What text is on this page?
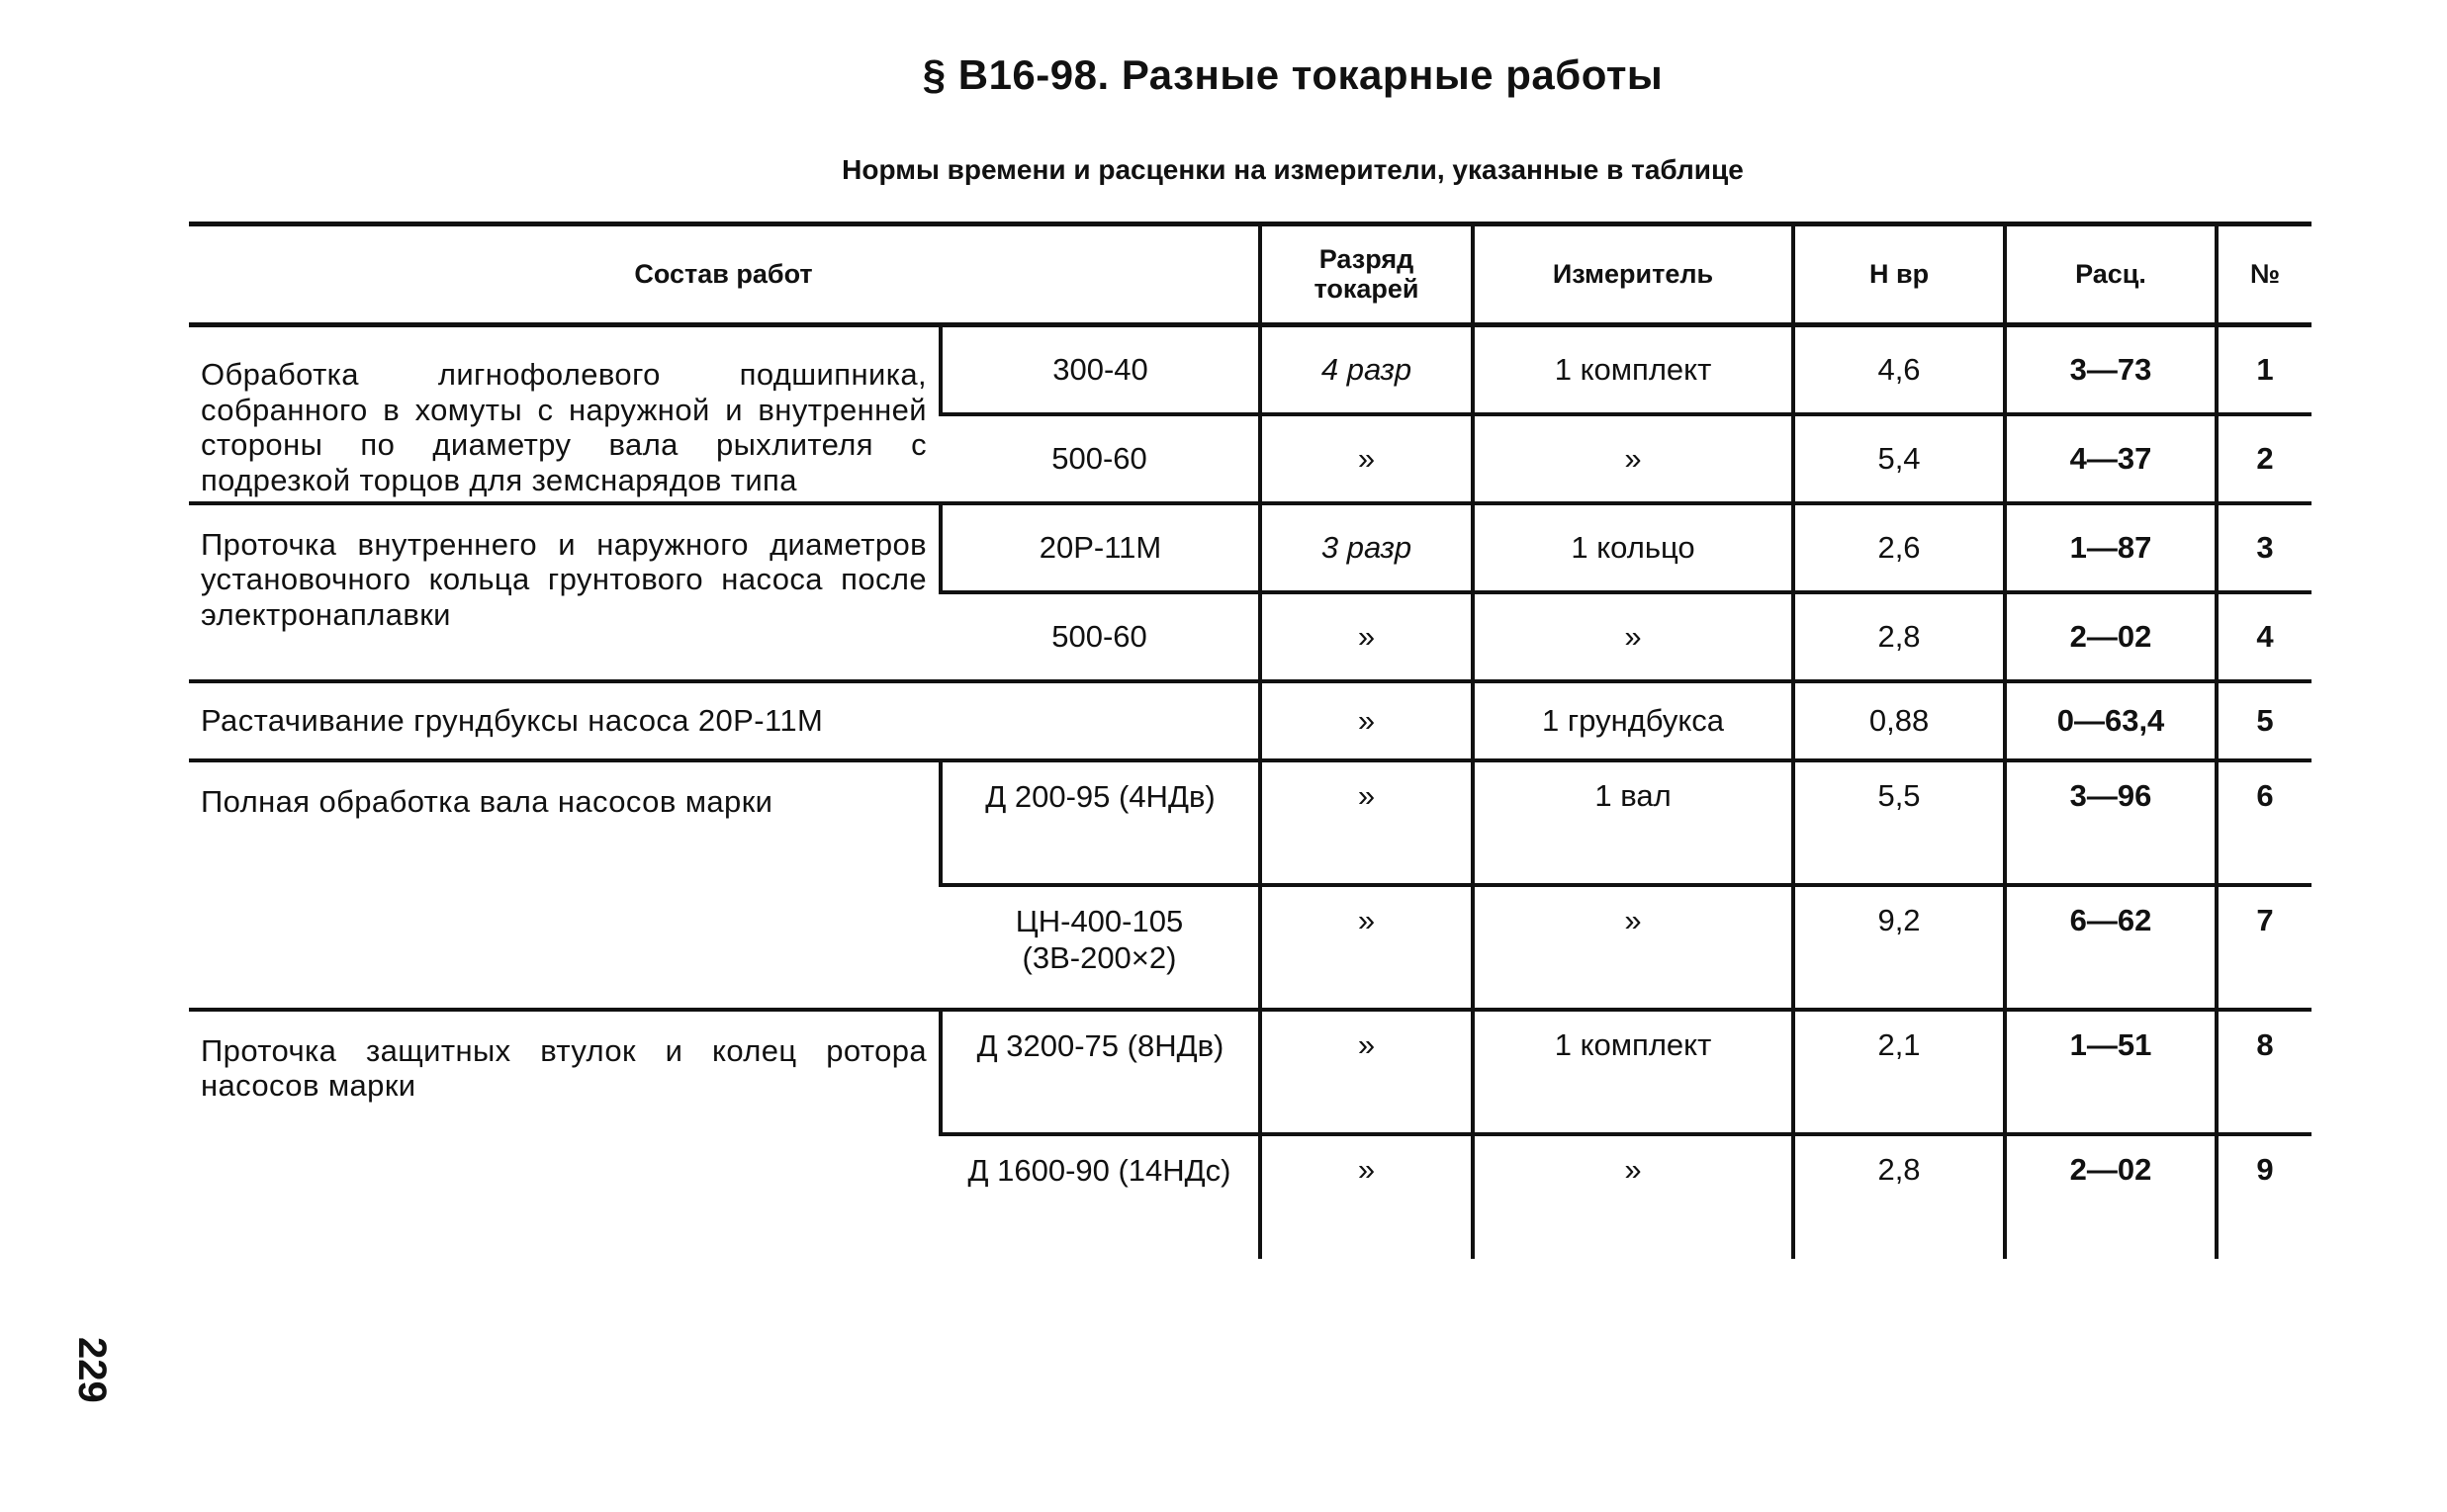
§ В16-98. Разные токарные работы
Нормы времени и расценки на измерители, указанные в таблице
Состав работ		Разряд токарей	Измеритель	Н вр	Расц.	№
Обработка лигнофолевого подшипника, собранного в хомуты с наружной и внутренней стороны по диаметру вала рыхлителя с подрезкой торцов для земснарядов типа	300-40	4 разр	1 комплект	4,6	3—73	1
	500-60	»	»	5,4	4—37	2
Проточка внутреннего и наружного диаметров установочного кольца грунтового насоса после электронаплавки	20Р-11М	3 разр	1 кольцо	2,6	1—87	3
	500-60	»	»	2,8	2—02	4
Растачивание грундбуксы насоса 20Р-11М		»	1 грундбукса	0,88	0—63,4	5
Полная обработка вала насосов марки	Д 200-95 (4НДв)	»	1 вал	5,5	3—96	6
	ЦН-400-105 (3В-200×2)	»	»	9,2	6—62	7
Проточка защитных втулок и колец ротора насосов марки	Д 3200-75 (8НДв)	»	1 комплект	2,1	1—51	8
	Д 1600-90 (14НДс)	»	»	2,8	2—02	9
229
